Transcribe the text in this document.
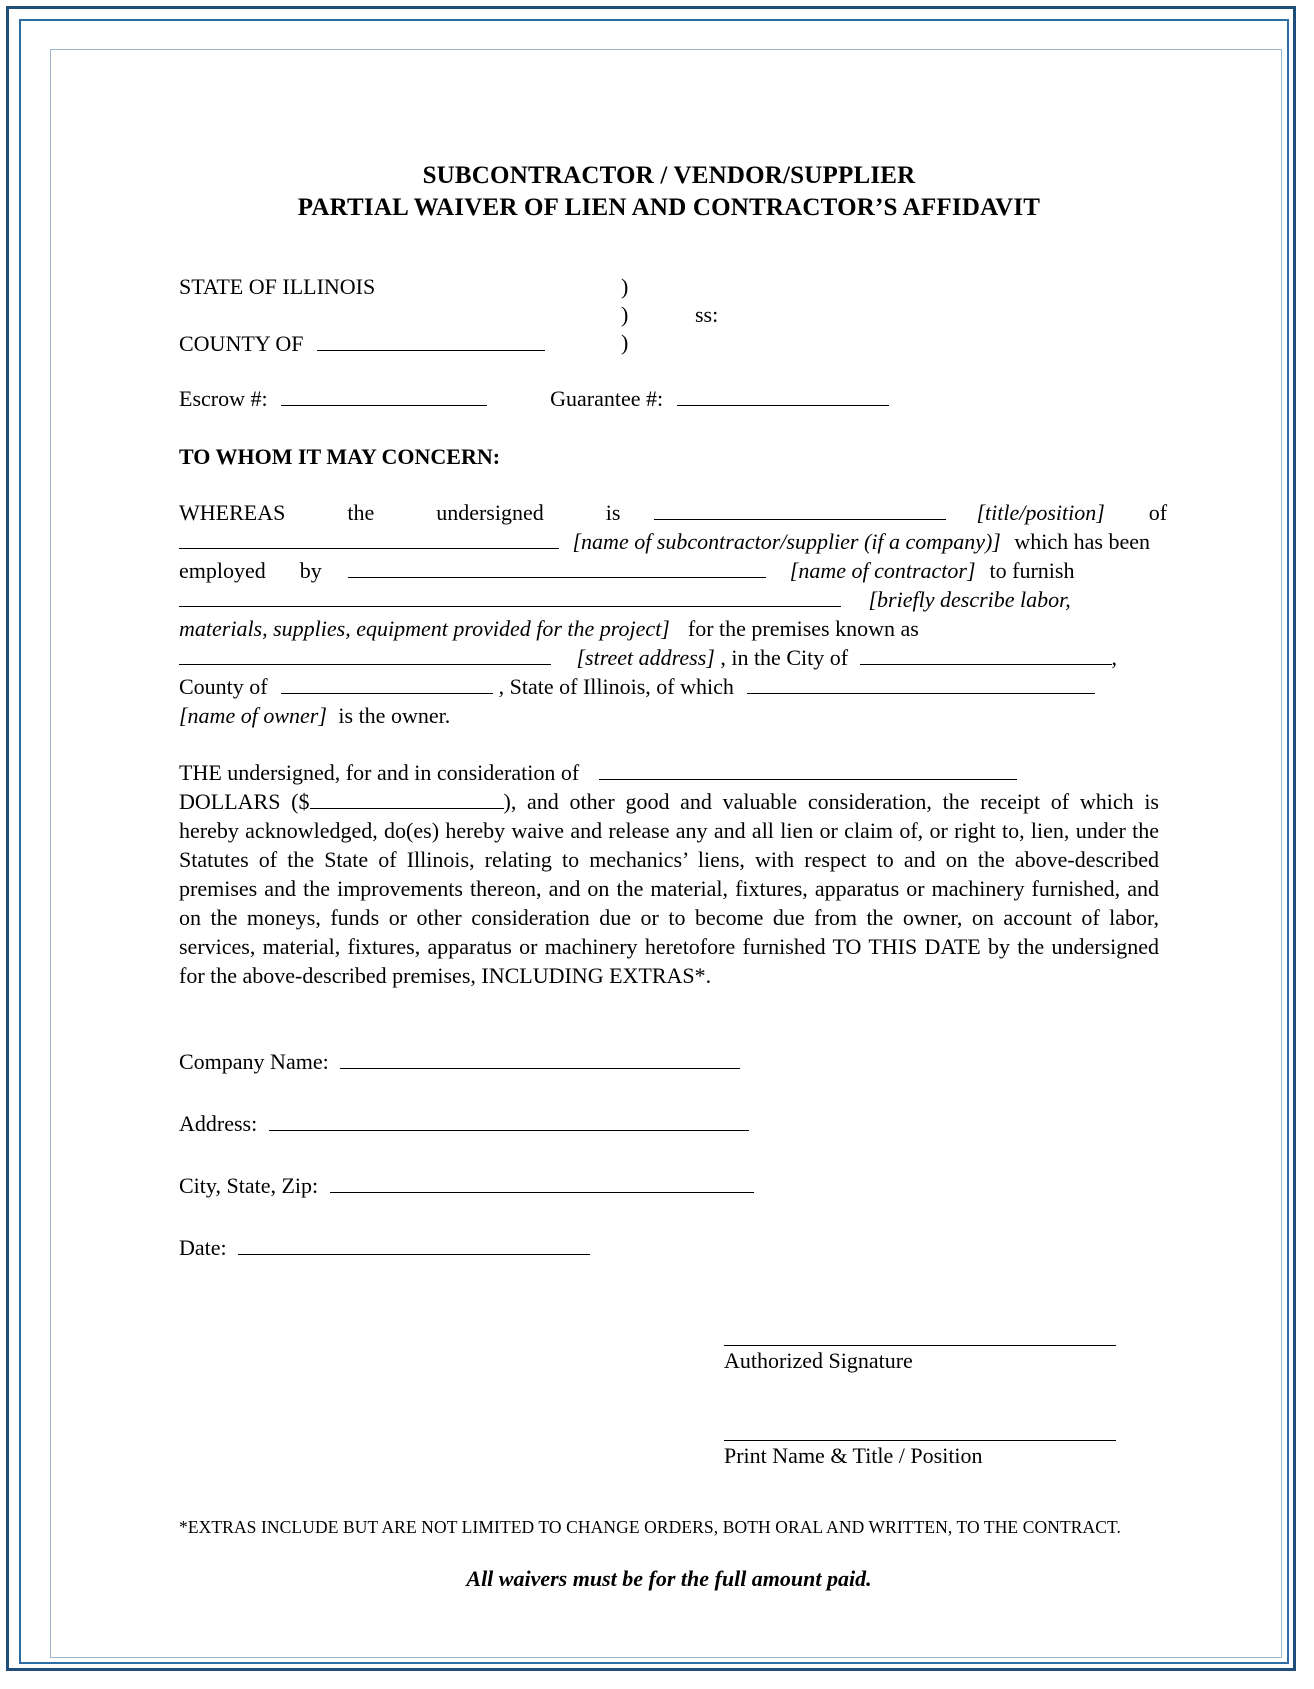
SUBCONTRACTOR / VENDOR/SUPPLIER
PARTIAL WAIVER OF LIEN AND CONTRACTOR’S AFFIDAVIT
STATE OF ILLINOIS	)
)	ss:
COUNTY OF	)
Escrow #:	Guarantee #:
TO WHOM IT MAY CONCERN:
WHEREAS	the	undersigned	is	[title/position] of  [name of subcontractor/supplier (if a company)] which has been employed by	[name of contractor] to furnish  [briefly describe labor, materials, supplies, equipment provided for the project] for the premises known as  [street address] , in the City of	, County of	, State of Illinois, of which  [name of owner] is the owner.
THE undersigned, for and in consideration of  DOLLARS ($	), and other good and valuable consideration, the receipt of which is hereby acknowledged, do(es) hereby waive and release any and all lien or claim of, or right to, lien, under the Statutes of the State of Illinois, relating to mechanics’ liens, with respect to and on the above-described premises and the improvements thereon, and on the material, fixtures, apparatus or machinery furnished, and on the moneys, funds or other consideration due or to become due from the owner, on account of labor, services, material, fixtures, apparatus or machinery heretofore furnished TO THIS DATE by the undersigned for the above-described premises, INCLUDING EXTRAS*.
Company Name:
Address:
City, State, Zip:
Date:
Authorized Signature
Print Name & Title / Position
*EXTRAS INCLUDE BUT ARE NOT LIMITED TO CHANGE ORDERS, BOTH ORAL AND WRITTEN, TO THE CONTRACT.
All waivers must be for the full amount paid.
